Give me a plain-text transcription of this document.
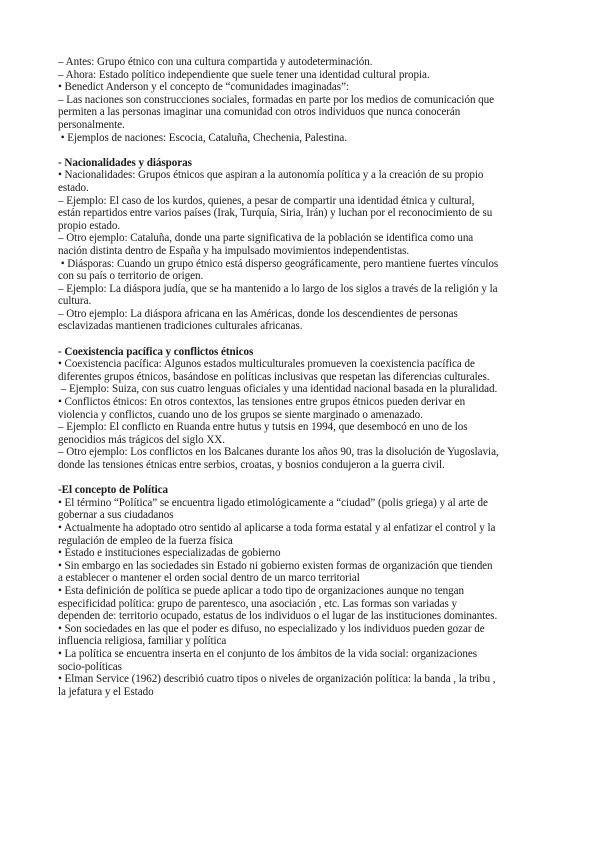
– Antes: Grupo étnico con una cultura compartida y autodeterminación.
– Ahora: Estado político independiente que suele tener una identidad cultural propia.
• Benedict Anderson y el concepto de “comunidades imaginadas”:
– Las naciones son construcciones sociales, formadas en parte por los medios de comunicación que
permiten a las personas imaginar una comunidad con otros individuos que nunca conocerán
personalmente.
• Ejemplos de naciones: Escocia, Cataluña, Chechenia, Palestina.
- Nacionalidades y diásporas
• Nacionalidades: Grupos étnicos que aspiran a la autonomía política y a la creación de su propio
estado.
– Ejemplo: El caso de los kurdos, quienes, a pesar de compartir una identidad étnica y cultural,
están repartidos entre varios países (Irak, Turquía, Siria, Irán) y luchan por el reconocimiento de su
propio estado.
– Otro ejemplo: Cataluña, donde una parte significativa de la población se identifica como una
nación distinta dentro de España y ha impulsado movimientos independentistas.
• Diásporas: Cuando un grupo étnico está disperso geográficamente, pero mantiene fuertes vínculos
con su país o territorio de origen.
– Ejemplo: La diáspora judía, que se ha mantenido a lo largo de los siglos a través de la religión y la
cultura.
– Otro ejemplo: La diáspora africana en las Américas, donde los descendientes de personas
esclavizadas mantienen tradiciones culturales africanas.
- Coexistencia pacífica y conflictos étnicos
• Coexistencia pacífica: Algunos estados multiculturales promueven la coexistencia pacífica de
diferentes grupos étnicos, basándose en políticas inclusivas que respetan las diferencias culturales.
– Ejemplo: Suiza, con sus cuatro lenguas oficiales y una identidad nacional basada en la pluralidad.
• Conflictos étnicos: En otros contextos, las tensiones entre grupos étnicos pueden derivar en
violencia y conflictos, cuando uno de los grupos se siente marginado o amenazado.
– Ejemplo: El conflicto en Ruanda entre hutus y tutsis en 1994, que desembocó en uno de los
genocidios más trágicos del siglo XX.
– Otro ejemplo: Los conflictos en los Balcanes durante los años 90, tras la disolución de Yugoslavia,
donde las tensiones étnicas entre serbios, croatas, y bosnios condujeron a la guerra civil.
-El concepto de Política
• El término “Política” se encuentra ligado etimológicamente a “ciudad” (polis griega) y al arte de
gobernar a sus ciudadanos
• Actualmente ha adoptado otro sentido al aplicarse a toda forma estatal y al enfatizar el control y la
regulación de empleo de la fuerza física
• Estado e instituciones especializadas de gobierno
• Sin embargo en las sociedades sin Estado ni gobierno existen formas de organización que tienden
a establecer o mantener el orden social dentro de un marco territorial
• Esta definición de política se puede aplicar a todo tipo de organizaciones aunque no tengan
especificidad política: grupo de parentesco, una asociación , etc. Las formas son variadas y
dependen de: territorio ocupado, estatus de los individuos o el lugar de las instituciones dominantes.
• Son sociedades en las que el poder es difuso, no especializado y los individuos pueden gozar de
influencia religiosa, familiar y política
• La política se encuentra inserta en el conjunto de los ámbitos de la vida social: organizaciones
socio-políticas
• Elman Service (1962) describió cuatro tipos o niveles de organización política: la banda , la tribu ,
la jefatura y el Estado
